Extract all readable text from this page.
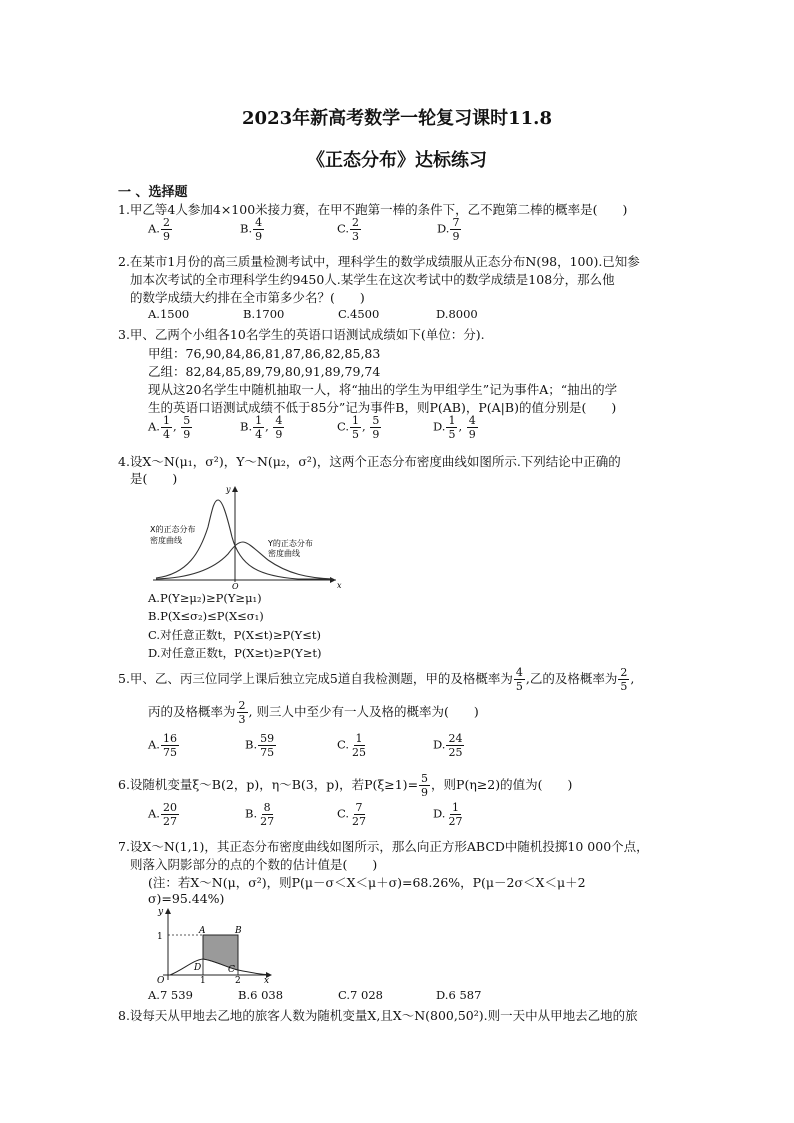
2023年新高考数学一轮复习课时11.8
《正态分布》达标练习
一 、选择题
1.甲乙等4人参加4×100米接力赛，在甲不跑第一棒的条件下，乙不跑第二棒的概率是(　　)
A. $\frac{2}{9}$	B. $\frac{4}{9}$	C. $\frac{2}{3}$	D. $\frac{7}{9}$
2.在某市1月份的高三质量检测考试中，理科学生的数学成绩服从正态分布N(98，100).已知参
加本次考试的全市理科学生约9450人.某学生在这次考试中的数学成绩是108分，那么他
的数学成绩大约排在全市第多少名？(　　)
A.1500	B.1700	C.4500	D.8000
3.甲、乙两个小组各10名学生的英语口语测试成绩如下(单位：分).
甲组：76,90,84,86,81,87,86,82,85,83
乙组：82,84,85,89,79,80,91,89,79,74
现从这20名学生中随机抽取一人，将“抽出的学生为甲组学生”记为事件A；“抽出的学
生的英语口语测试成绩不低于85分”记为事件B，则P(AB)，P(A|B)的值分别是(　　)
A. $\frac{1}{4}$ , $\frac{5}{9}$	B. $\frac{1}{4}$ , $\frac{4}{9}$	C. $\frac{1}{5}$ , $\frac{5}{9}$	D. $\frac{1}{5}$ , $\frac{4}{9}$
4.设X～N(μ₁，σ²)，Y～N(μ₂，σ²)，这两个正态分布密度曲线如图所示.下列结论中正确的
是(　　)
X的正态分布
密度曲线	Y的正态分布
密度曲线
O	x
y
A.P(Y≥μ₂)≥P(Y≥μ₁)
B.P(X≤σ₂)≤P(X≤σ₁)
C.对任意正数t，P(X≤t)≥P(Y≤t)
D.对任意正数t，P(X≥t)≥P(Y≥t)
5.甲、乙、丙三位同学上课后独立完成5道自我检测题，甲的及格概率为 $\frac{4}{5}$ ,乙的及格概率为 $\frac{2}{5}$ ,
丙的及格概率为 $\frac{2}{3}$ , 则三人中至少有一人及格的概率为(　　)
A. $\frac{16}{75}$	B. $\frac{59}{75}$	C. $\frac{1}{25}$	D. $\frac{24}{25}$
6.设随机变量ξ～B(2，p)，η～B(3，p)，若$P(\xi\ge 1)= \frac{5}{9}$ ，则P(η≥2)的值为(　　)
A. $\frac{20}{27}$	B. $\frac{8}{27}$	C. $\frac{7}{27}$	D. $\frac{1}{27}$
7.设X～N(1,1)，其正态分布密度曲线如图所示，那么向正方形ABCD中随机投掷10 000个点，
则落入阴影部分的点的个数的估计值是(　　)
(注：若X～N(μ，σ²)，则P(μ－σ＜X＜μ＋σ)=68.26%，P(μ－2σ＜X＜μ＋2
σ)=95.44%)
y
1
A	B
C
D
O	1	2	x
A.7 539	B.6 038	C.7 028	D.6 587
8.设每天从甲地去乙地的旅客人数为随机变量X,且X～N(800,50²).则一天中从甲地去乙地的旅
